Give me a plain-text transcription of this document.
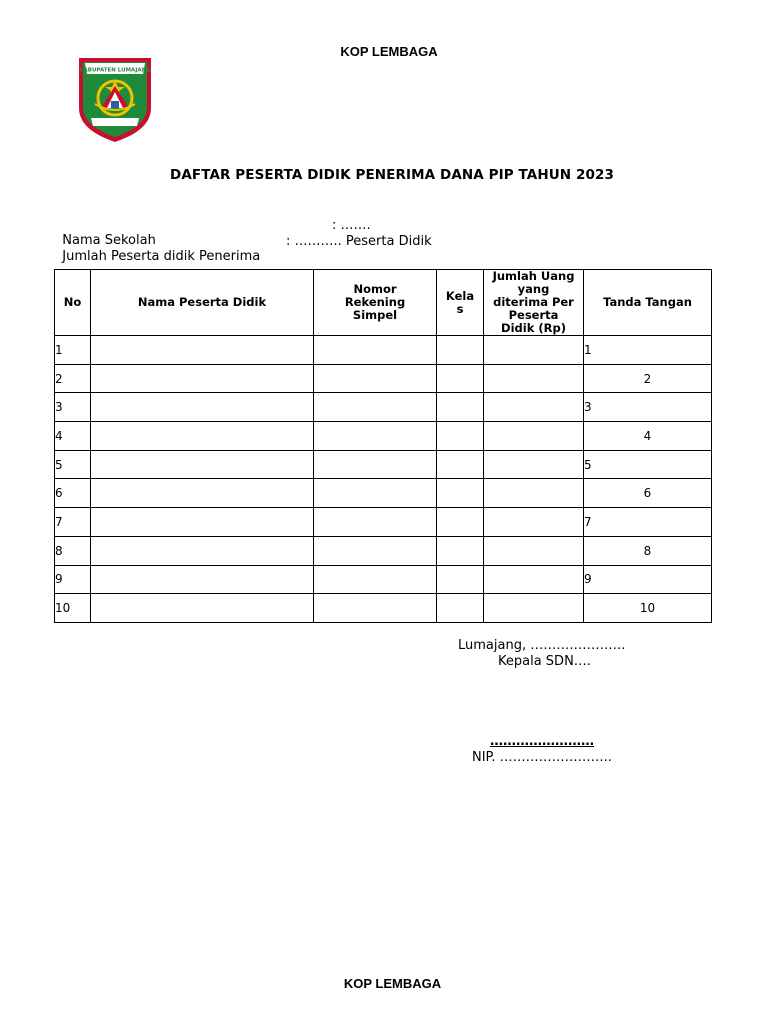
KOP LEMBAGA
KABUPATEN LUMAJANG
DAFTAR PESERTA DIDIK PENERIMA DANA PIP TAHUN 2023

Nama Sekolah

: …….

Jumlah Peserta didik Penerima

: ……….. Peserta Didik

No	Nama Peserta Didik	Nomor Rekening Simpel	Kela s	Jumlah Uang yang diterima Per Peserta Didik (Rp)	Tanda Tangan
1					1
2					2
3					3
4					4
5					5
6					6
7					7
8					8
9					9
10					10
Lumajang, ………………….
Kepala SDN….
……………………
NIP. ……………………..
KOP LEMBAGA
